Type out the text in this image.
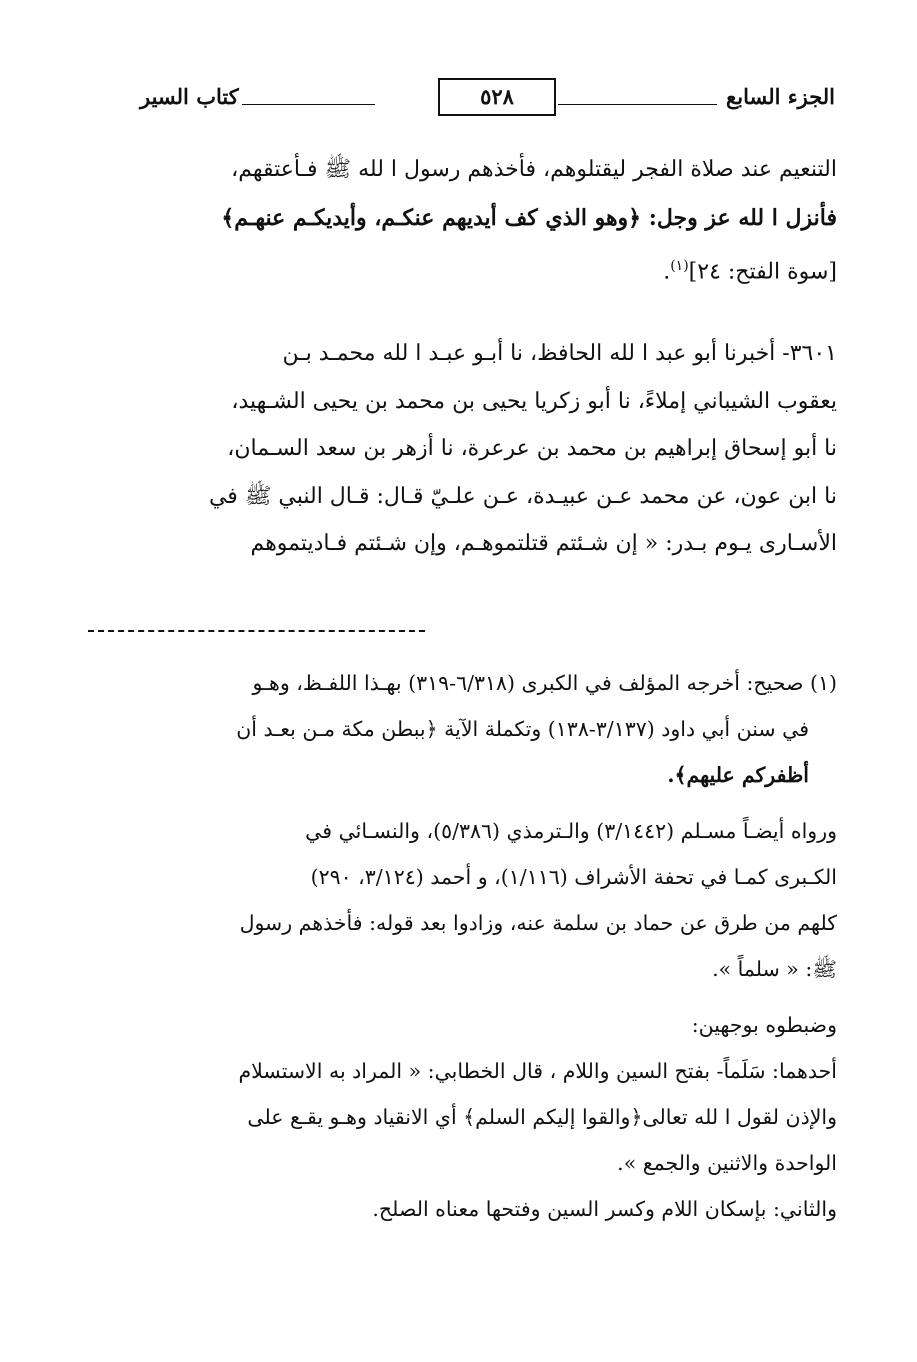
الجزء السابع
٥٢٨
كتاب السير
التنعيم عند صلاة الفجر ليقتلوهم، فأخذهم رسول ا لله ﷺ فـأعتقهم،
فأنزل ا لله عز وجل: ﴿وهو الذي كف أيديهم عنكـم، وأيديكـم عنهـم﴾
[سوة الفتح: ٢٤]$^{(١)}$.
٣٦٠١- أخبرنا أبو عبد ا لله الحافظ، نا أبـو عبـد ا لله محمـد بـن
يعقوب الشيباني إملاءً، نا أبو زكريا يحيى بن محمد بن يحيى الشـهيد،
نا أبو إسحاق إبراهيم بن محمد بن عرعرة، نا أزهر بن سعد السـمان،
نا ابن عون، عن محمد عـن عبيـدة، عـن علـيّ قـال: قـال النبي ﷺ في
الأسـارى يـوم بـدر: « إن شـئتم قتلتموهـم، وإن شـئتم فـاديتموهم
(١) صحيح: أخرجه المؤلف في الكبرى (٦/٣١٨-٣١٩) بهـذا اللفـظ، وهـو
في سنن أبي داود (٣/١٣٧-١٣٨) وتكملة الآية ﴿ببطن مكة مـن بعـد أن
أظفركم عليهم﴾.
ورواه أيضـاً مسـلم (٣/١٤٤٢) والـترمذي (٥/٣٨٦)، والنسـائي في
الكـبرى كمـا في تحفة الأشراف (١/١١٦)، و أحمد (٣/١٢٤، ٢٩٠)
كلهم من طرق عن حماد بن سلمة عنه، وزادوا بعد قوله: فأخذهم رسول
ﷺ: « سلماً ».
وضبطوه بوجهين:
أحدهما: سَلَماً- بفتح السين واللام ، قال الخطابي: « المراد به الاستسلام
والإذن لقول ا لله تعالى﴿والقوا إليكم السلم﴾ أي الانقياد وهـو يقـع على
الواحدة والاثنين والجمع ».
والثاني: بإسكان اللام وكسر السين وفتحها معناه الصلح.
